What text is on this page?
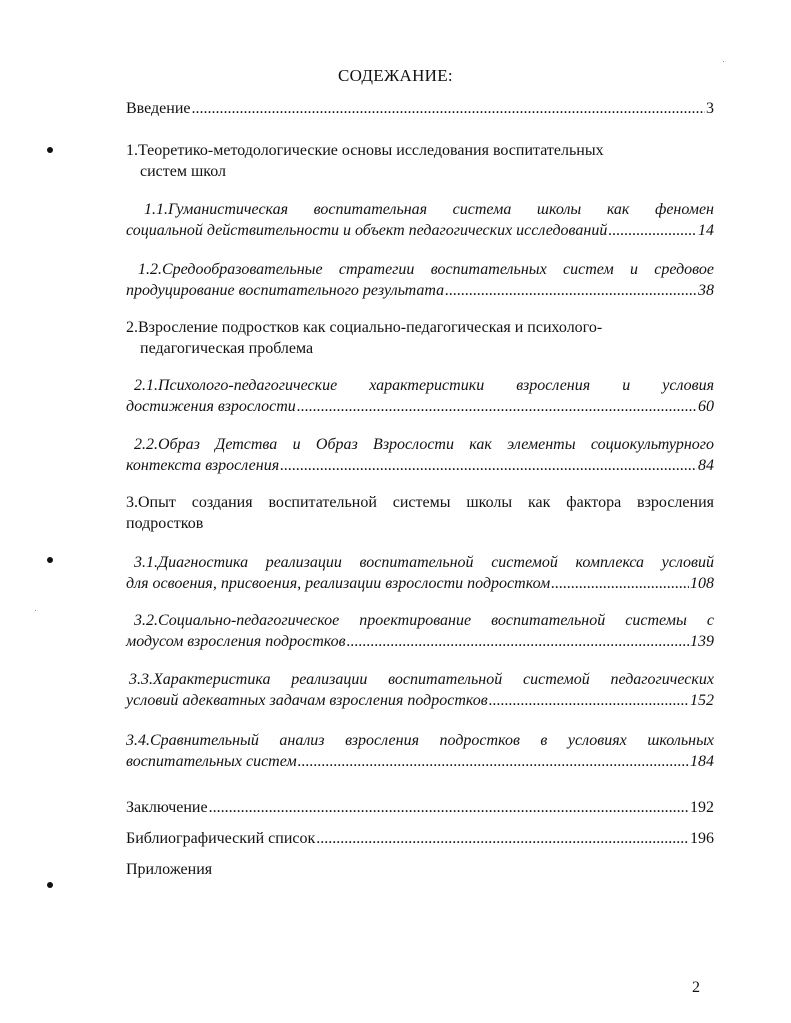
СОДЕЖАНИЕ:
Введение .....	3
1.Теоретико-методологические основы исследования воспитательных
систем школ
1.1.Гуманистическая воспитательная система школы как феномен
социальной действительности и объект педагогических исследований .....	14
1.2.Средообразовательные стратегии воспитательных систем и средовое
продуцирование воспитательного результата .....	38
2.Взросление подростков как социально-педагогическая и психолого-
педагогическая проблема
2.1.Психолого-педагогические характеристики взросления и условия
достижения взрослости .....	60
2.2.Образ Детства и Образ Взрослости как элементы социокультурного
контекста взросления .....	84
3.Опыт создания воспитательной системы школы как фактора взросления
подростков
3.1.Диагностика реализации воспитательной системой комплекса условий
для освоения, присвоения, реализации взрослости подростком .....	108
3.2.Социально-педагогическое проектирование воспитательной системы с
модусом взросления подростков .....	139
3.3.Характеристика реализации воспитательной системой педагогических
условий адекватных задачам взросления подростков .....	152
3.4.Сравнительный анализ взросления подростков в условиях школьных
воспитательных систем .....	184
Заключение .....	192
Библиографический список .....	196
Приложения
2
